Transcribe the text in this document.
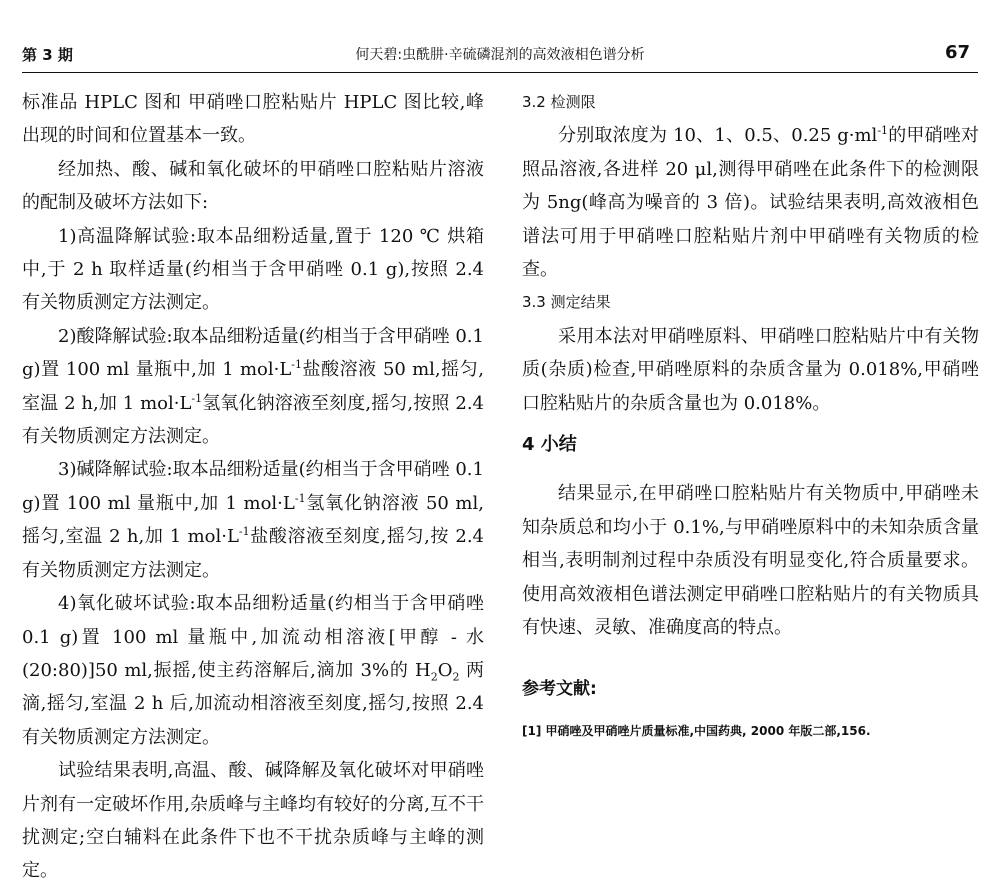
第 3 期	何天碧:虫酰肼·辛硫磷混剂的高效液相色谱分析	67

标准品 HPLC 图和 甲硝唑口腔粘贴片 HPLC 图比较,峰出现的时间和位置基本一致。

经加热、酸、碱和氧化破坏的甲硝唑口腔粘贴片溶液的配制及破坏方法如下:

1)高温降解试验:取本品细粉适量,置于 120 ℃ 烘箱中,于 2 h 取样适量(约相当于含甲硝唑 0.1 g),按照 2.4 有关物质测定方法测定。

2)酸降解试验:取本品细粉适量(约相当于含甲硝唑 0.1 g)置 100 ml 量瓶中,加 1 $mol\cdot L^{-1}$盐酸溶液 50 ml,摇匀,室温 2 h,加 1 $mol\cdot L^{-1}$氢氧化钠溶液至刻度,摇匀,按照 2.4 有关物质测定方法测定。

3)碱降解试验:取本品细粉适量(约相当于含甲硝唑 0.1 g)置 100 ml 量瓶中,加 1 $mol\cdot L^{-1}$氢氧化钠溶液 50 ml,摇匀,室温 2 h,加 1 $mol\cdot L^{-1}$盐酸溶液至刻度,摇匀,按 2.4 有关物质测定方法测定。

4)氧化破坏试验:取本品细粉适量(约相当于含甲硝唑 0.1 g)置 100 ml 量瓶中,加流动相溶液[甲醇 - 水(20:80)]50 ml,振摇,使主药溶解后,滴加 3%的 $H_2O_2$ 两滴,摇匀,室温 2 h 后,加流动相溶液至刻度,摇匀,按照 2.4 有关物质测定方法测定。

试验结果表明,高温、酸、碱降解及氧化破坏对甲硝唑片剂有一定破坏作用,杂质峰与主峰均有较好的分离,互不干扰测定;空白辅料在此条件下也不干扰杂质峰与主峰的测定。

3.2 检测限

分别取浓度为 10、1、0.5、0.25 $g\cdot ml^{-1}$的甲硝唑对照品溶液,各进样 20 μl,测得甲硝唑在此条件下的检测限为 5ng(峰高为噪音的 3 倍)。试验结果表明,高效液相色谱法可用于甲硝唑口腔粘贴片剂中甲硝唑有关物质的检查。

3.3 测定结果

采用本法对甲硝唑原料、甲硝唑口腔粘贴片中有关物质(杂质)检查,甲硝唑原料的杂质含量为 0.018%,甲硝唑口腔粘贴片的杂质含量也为 0.018%。

4 小结

结果显示,在甲硝唑口腔粘贴片有关物质中,甲硝唑未知杂质总和均小于 0.1%,与甲硝唑原料中的未知杂质含量相当,表明制剂过程中杂质没有明显变化,符合质量要求。使用高效液相色谱法测定甲硝唑口腔粘贴片的有关物质具有快速、灵敏、准确度高的特点。

参考文献:
[1] 甲硝唑及甲硝唑片质量标准,中国药典, 2000 年版二部,156.
